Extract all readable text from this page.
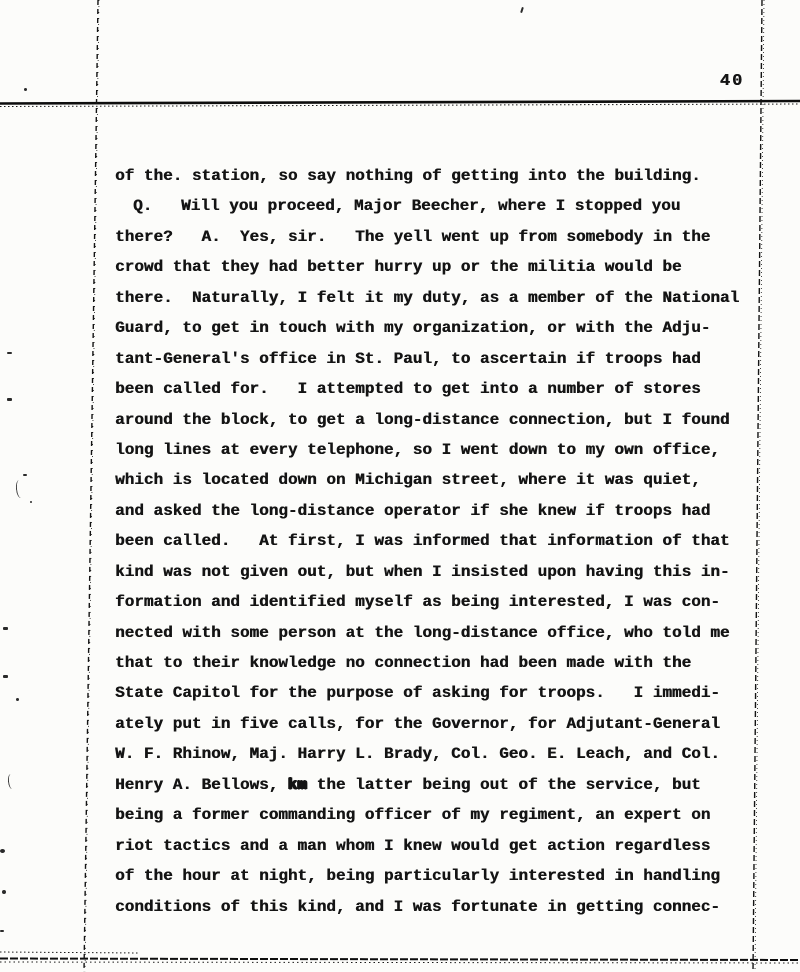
40
of the. station, so say nothing of getting into the building.
Q.   Will you proceed, Major Beecher, where I stopped you
there?   A.  Yes, sir.   The yell went up from somebody in the
crowd that they had better hurry up or the militia would be
there.  Naturally, I felt it my duty, as a member of the National
Guard, to get in touch with my organization, or with the Adju-
tant-General's office in St. Paul, to ascertain if troops had
been called for.   I attempted to get into a number of stores
around the block, to get a long-distance connection, but I found
long lines at every telephone, so I went down to my own office,
which is located down on Michigan street, where it was quiet,
and asked the long-distance operator if she knew if troops had
been called.   At first, I was informed that information of that
kind was not given out, but when I insisted upon having this in-
formation and identified myself as being interested, I was con-
nected with some person at the long-distance office, who told me
that to their knowledge no connection had been made with the
State Capitol for the purpose of asking for troops.   I immedi-
ately put in five calls, for the Governor, for Adjutant-General
W. F. Rhinow, Maj. Harry L. Brady, Col. Geo. E. Leach, and Col.
Henry A. Bellows, km the latter being out of the service, but
being a former commanding officer of my regiment, an expert on
riot tactics and a man whom I knew would get action regardless
of the hour at night, being particularly interested in handling
conditions of this kind, and I was fortunate in getting connec-
